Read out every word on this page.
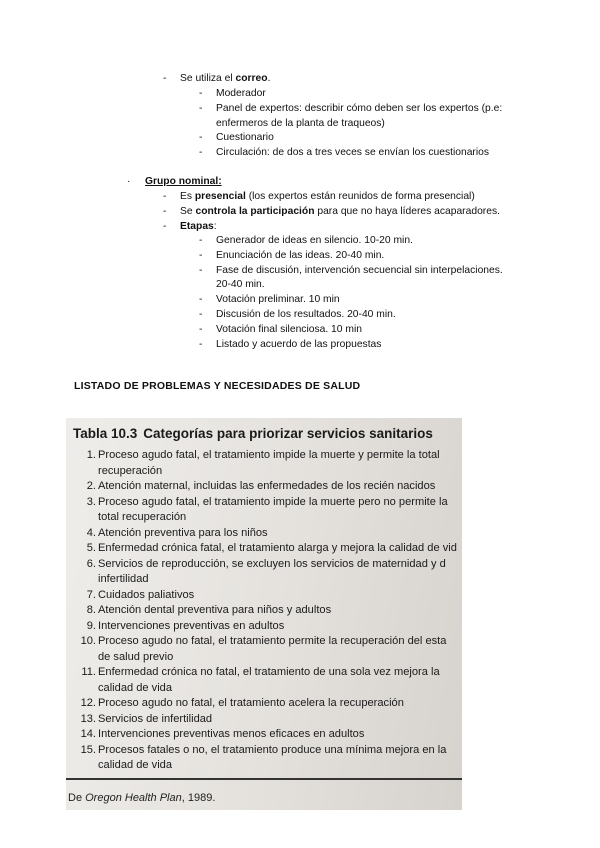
- Se utiliza el correo.
- Moderador
- Panel de expertos: describir cómo deben ser los expertos (p.e:
enfermeros de la planta de traqueos)
- Cuestionario
- Circulación: de dos a tres veces se envían los cuestionarios
· Grupo nominal:
- Es presencial (los expertos están reunidos de forma presencial)
- Se controla la participación para que no haya líderes acaparadores.
- Etapas:
- Generador de ideas en silencio. 10-20 min.
- Enunciación de las ideas. 20-40 min.
- Fase de discusión, intervención secuencial sin interpelaciones.
20-40 min.
- Votación preliminar. 10 min
- Discusión de los resultados. 20-40 min.
- Votación final silenciosa. 10 min
- Listado y acuerdo de las propuestas
LISTADO DE PROBLEMAS Y NECESIDADES DE SALUD
Tabla 10.3 Categorías para priorizar servicios sanitarios
1. Proceso agudo fatal, el tratamiento impide la muerte y permite la total
recuperación
2. Atención maternal, incluidas las enfermedades de los recién nacidos
3. Proceso agudo fatal, el tratamiento impide la muerte pero no permite la
total recuperación
4. Atención preventiva para los niños
5. Enfermedad crónica fatal, el tratamiento alarga y mejora la calidad de vid
6. Servicios de reproducción, se excluyen los servicios de maternidad y d
infertilidad
7. Cuidados paliativos
8. Atención dental preventiva para niños y adultos
9. Intervenciones preventivas en adultos
10. Proceso agudo no fatal, el tratamiento permite la recuperación del esta
de salud previo
11. Enfermedad crónica no fatal, el tratamiento de una sola vez mejora la
calidad de vida
12. Proceso agudo no fatal, el tratamiento acelera la recuperación
13. Servicios de infertilidad
14. Intervenciones preventivas menos eficaces en adultos
15. Procesos fatales o no, el tratamiento produce una mínima mejora en la
calidad de vida
De Oregon Health Plan, 1989.
